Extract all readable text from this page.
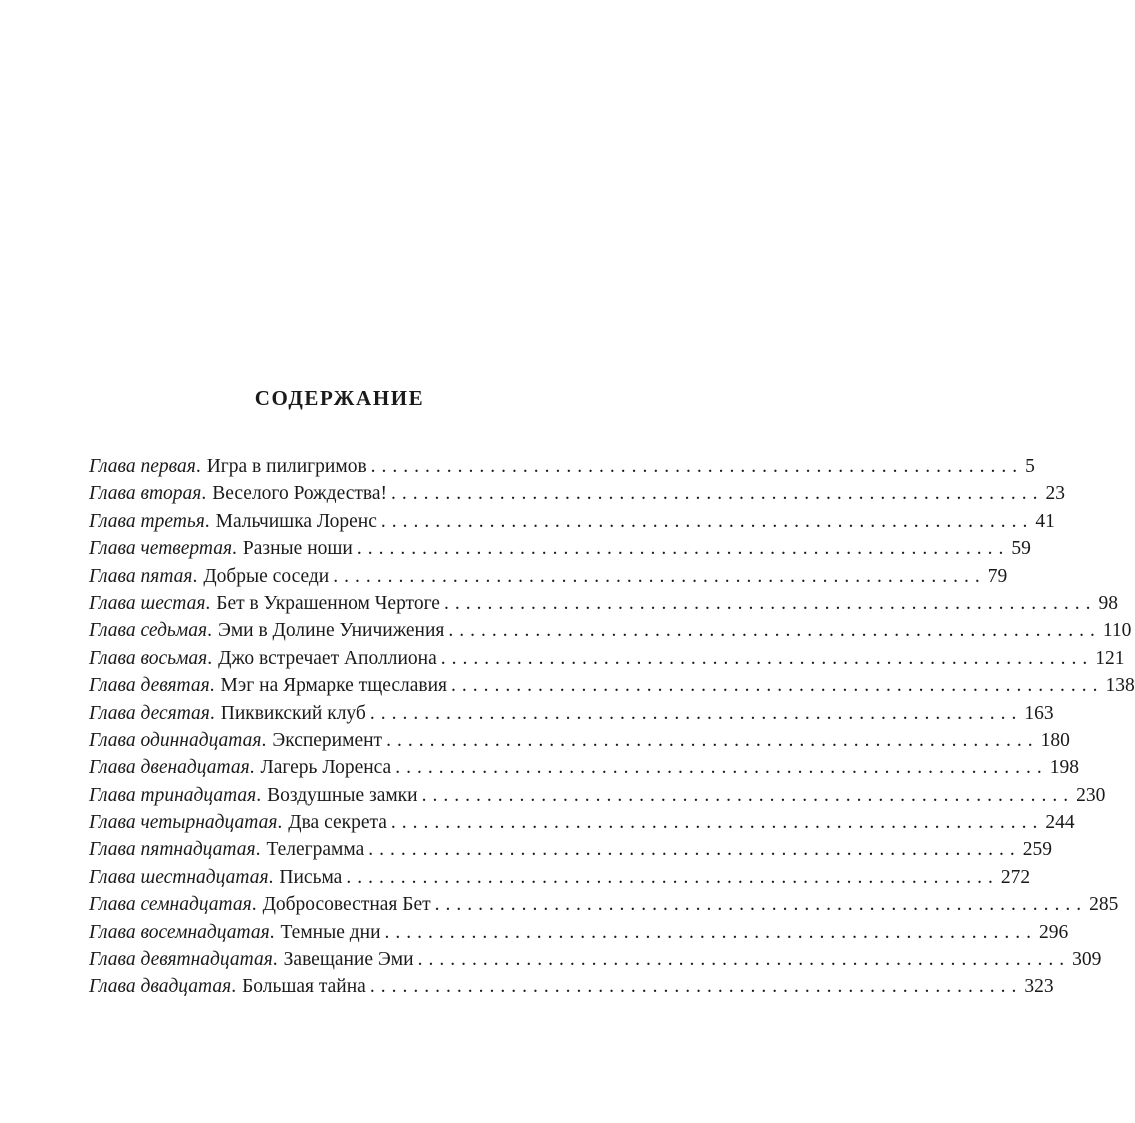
СОДЕРЖАНИЕ
Глава первая . Игра в пилигримов ............................................................ 5
Глава вторая . Веселого Рождества! ............................................................ 23
Глава третья . Мальчишка Лоренс ............................................................ 41
Глава четвертая . Разные ноши ............................................................ 59
Глава пятая . Добрые соседи ............................................................ 79
Глава шестая . Бет в Украшенном Чертоге ............................................................ 98
Глава седьмая . Эми в Долине Уничижения ............................................................ 110
Глава восьмая . Джо встречает Аполлиона ............................................................ 121
Глава девятая . Мэг на Ярмарке тщеславия ............................................................ 138
Глава десятая . Пиквикский клуб ............................................................ 163
Глава одиннадцатая . Эксперимент ............................................................ 180
Глава двенадцатая . Лагерь Лоренса ............................................................ 198
Глава тринадцатая . Воздушные замки ............................................................ 230
Глава четырнадцатая . Два секрета ............................................................ 244
Глава пятнадцатая . Телеграмма ............................................................ 259
Глава шестнадцатая . Письма ............................................................ 272
Глава семнадцатая . Добросовестная Бет ............................................................ 285
Глава восемнадцатая . Темные дни ............................................................ 296
Глава девятнадцатая . Завещание Эми ............................................................ 309
Глава двадцатая . Большая тайна ............................................................ 323
